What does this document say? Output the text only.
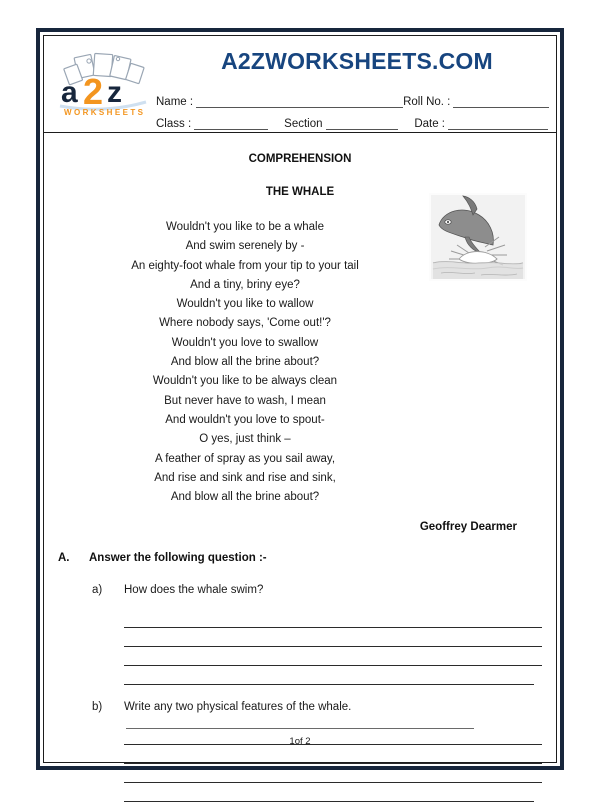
a 2 z
WORKSHEETS
A2ZWORKSHEETS.COM
Name :	Roll No. :
Class :	Section	Date :
COMPREHENSION
THE WHALE
Wouldn't you like to be a whale
And swim serenely by -
An eighty-foot whale from your tip to your tail
And a tiny, briny eye?
Wouldn't you like to wallow
Where nobody says, 'Come out!'?
Wouldn't you love to swallow
And blow all the brine about?
Wouldn't you like to be always clean
But never have to wash, I mean
And wouldn't you love to spout-
O yes, just think –
A feather of spray as you sail away,
And rise and sink and rise and sink,
And blow all the brine about?
Geoffrey Dearmer
A.	Answer the following question :-
a)	How does the whale swim?
b)	Write any two physical features of the whale.
1of 2
